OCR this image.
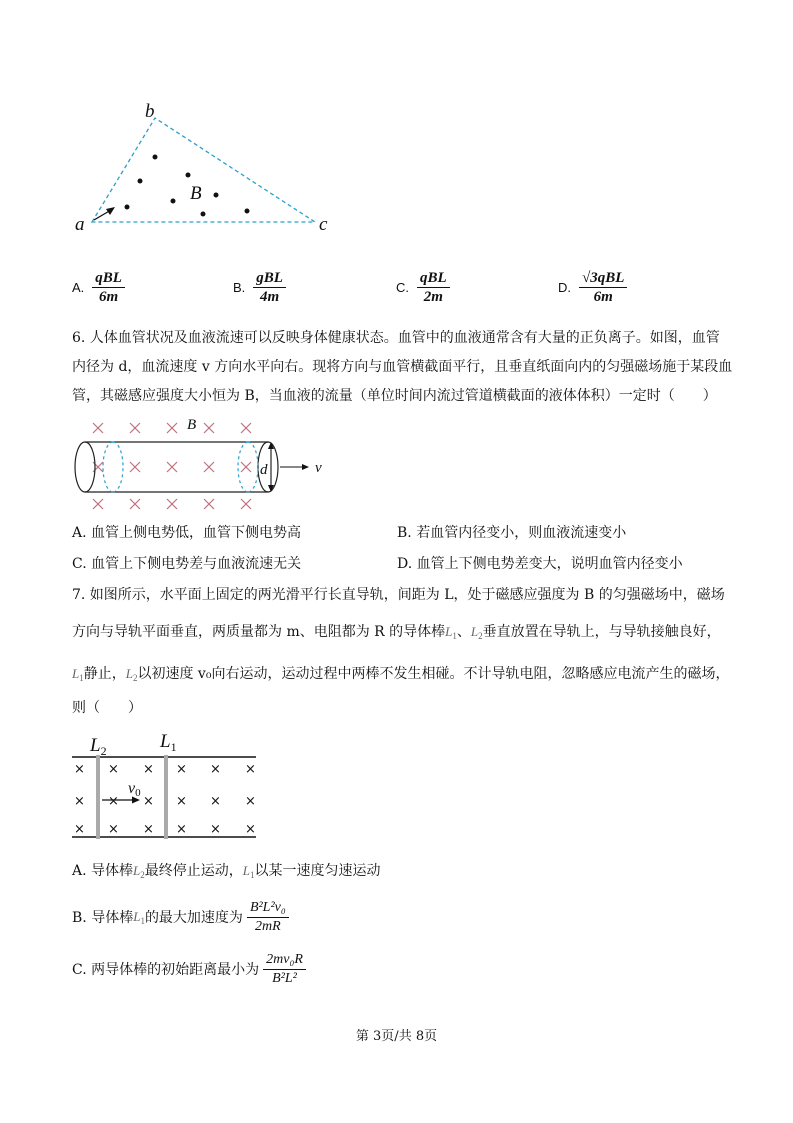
b
a	c
B
A. $\frac{\text{qBL}}{6m}$	B. $\frac{\text{gBL}}{4m}$	C. $\frac{\text{qBL}}{2m}$	D. $\frac{\text{√3qBL}}{6m}$
6. 人体血管状况及血液流速可以反映身体健康状态。血管中的血液通常含有大量的正负离子。如图，血管
内径为 d，血流速度 v 方向水平向右。现将方向与血管横截面平行，且垂直纸面向内的匀强磁场施于某段血
管，其磁感应强度大小恒为 B，当血液的流量（单位时间内流过管道横截面的液体体积）一定时（　　）
B
d	v
A. 血管上侧电势低，血管下侧电势高	B. 若血管内径变小，则血液流速变小
C. 血管上下侧电势差与血液流速无关	D. 血管上下侧电势差变大，说明血管内径变小
7. 如图所示，水平面上固定的两光滑平行长直导轨，间距为 L，处于磁感应强度为 B 的匀强磁场中，磁场
方向与导轨平面垂直，两质量都为 m、电阻都为 R 的导体棒$L_1$、$L_2$垂直放置在导轨上，与导轨接触良好，
$L_1$静止，$L_2$以初速度 v₀向右运动，运动过程中两棒不发生相碰。不计导轨电阻，忽略感应电流产生的磁场，
则（　　）
× × × × × ×
× × × × × ×
× × × × × ×
$L_2$	$L_1$
v0
A. 导体棒$L_2$最终停止运动，$L_1$以某一速度匀速运动
B. 导体棒 $L_1$ 的最大加速度为 $\frac{\text{B²L²v₀}}{2mR}$
C. 两导体棒的初始距离最小为 $\frac{\text{2mv₀R}}{\text{B²L²}}$
第 3页/共 8页
